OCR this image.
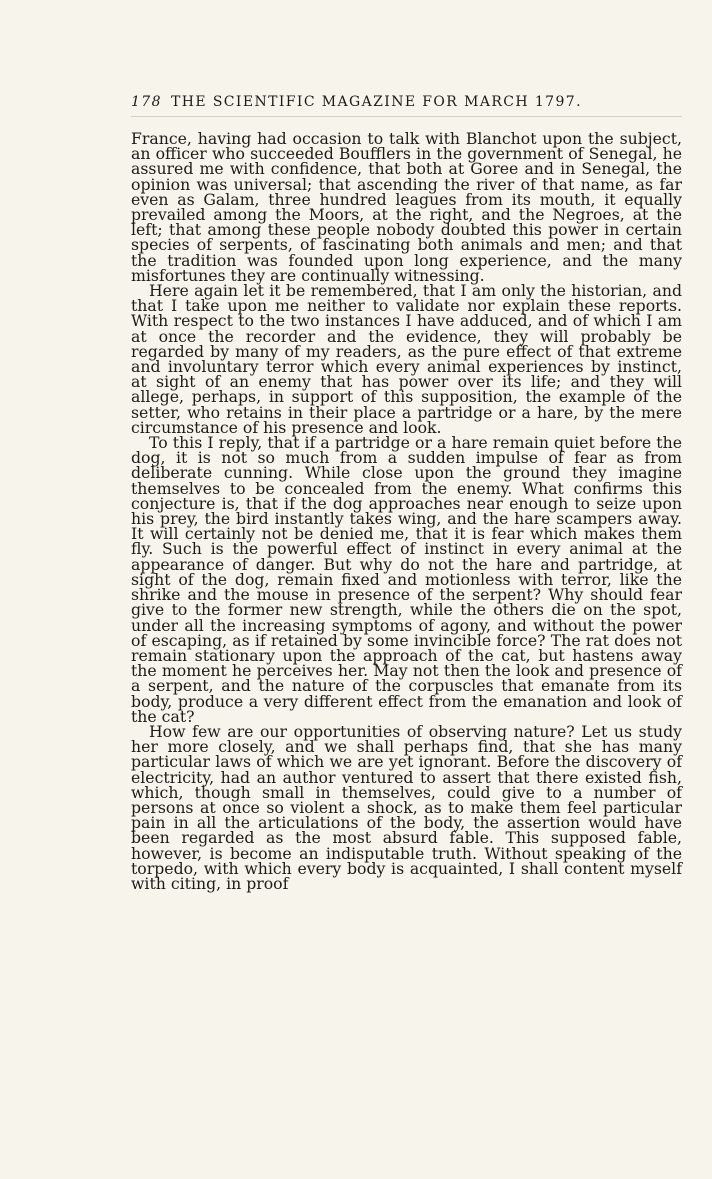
178 THE SCIENTIFIC MAGAZINE FOR MARCH 1797.

France, having had occasion to talk with Blanchot upon the subject, an officer who succeeded Boufflers in the government of Senegal, he assured me with confidence, that both at Goree and in Senegal, the opinion was universal; that ascending the river of that name, as far even as Galam, three hundred leagues from its mouth, it equally prevailed among the Moors, at the right, and the Negroes, at the left; that among these people nobody doubted this power in certain species of serpents, of fascinating both animals and men; and that the tradition was founded upon long experience, and the many misfortunes they are continually witnessing.

Here again let it be remembered, that I am only the historian, and that I take upon me neither to validate nor explain these reports. With respect to the two instances I have adduced, and of which I am at once the recorder and the evidence, they will probably be regarded by many of my readers, as the pure effect of that extreme and involuntary terror which every animal experiences by instinct, at sight of an enemy that has power over its life; and they will allege, perhaps, in support of this supposition, the example of the setter, who retains in their place a partridge or a hare, by the mere circumstance of his presence and look.

To this I reply, that if a partridge or a hare remain quiet before the dog, it is not so much from a sudden impulse of fear as from deliberate cunning. While close upon the ground they imagine themselves to be concealed from the enemy. What confirms this conjecture is, that if the dog approaches near enough to seize upon his prey, the bird instantly takes wing, and the hare scampers away. It will certainly not be denied me, that it is fear which makes them fly. Such is the powerful effect of instinct in every animal at the appearance of danger. But why do not the hare and partridge, at sight of the dog, remain fixed and motionless with terror, like the shrike and the mouse in presence of the serpent? Why should fear give to the former new strength, while the others die on the spot, under all the increasing symptoms of agony, and without the power of escaping, as if retained by some invincible force? The rat does not remain stationary upon the approach of the cat, but hastens away the moment he perceives her. May not then the look and presence of a serpent, and the nature of the corpuscles that emanate from its body, produce a very different effect from the emanation and look of the cat?

How few are our opportunities of observing nature? Let us study her more closely, and we shall perhaps find, that she has many particular laws of which we are yet ignorant. Before the discovery of electricity, had an author ventured to assert that there existed fish, which, though small in themselves, could give to a number of persons at once so violent a shock, as to make them feel particular pain in all the articulations of the body, the assertion would have been regarded as the most absurd fable. This supposed fable, however, is become an indisputable truth. Without speaking of the torpedo, with which every body is acquainted, I shall content myself with citing, in proof
